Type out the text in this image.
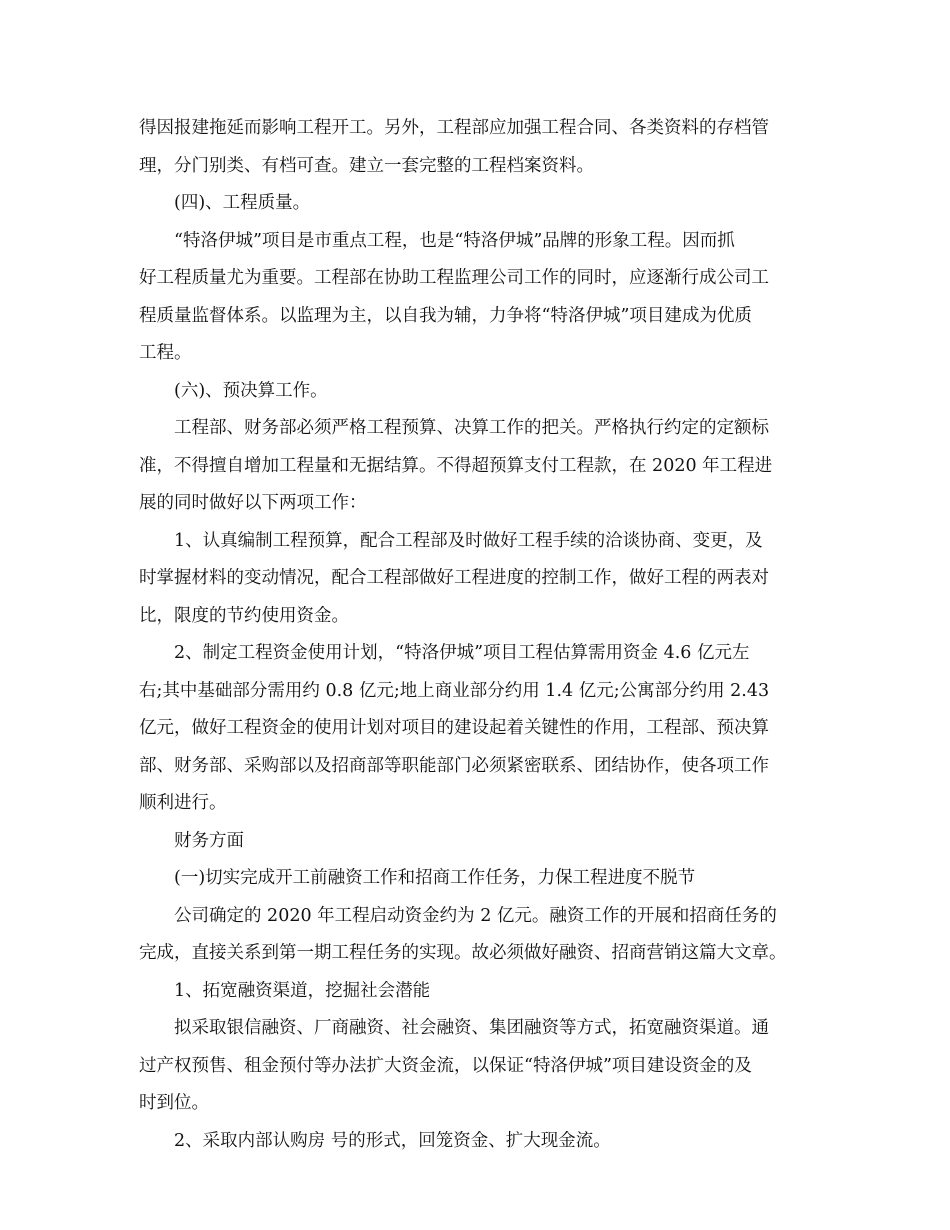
得因报建拖延而影响工程开工。另外，工程部应加强工程合同、各类资料的存档管
理，分门别类、有档可查。建立一套完整的工程档案资料。
(四)、工程质量。
“特洛伊城”项目是市重点工程，也是“特洛伊城”品牌的形象工程。因而抓
好工程质量尤为重要。工程部在协助工程监理公司工作的同时，应逐渐行成公司工
程质量监督体系。以监理为主，以自我为辅，力争将“特洛伊城”项目建成为优质
工程。
(六)、预决算工作。
工程部、财务部必须严格工程预算、决算工作的把关。严格执行约定的定额标
准，不得擅自增加工程量和无据结算。不得超预算支付工程款，在 2020 年工程进
展的同时做好以下两项工作：
1、认真编制工程预算，配合工程部及时做好工程手续的洽谈协商、变更，及
时掌握材料的变动情况，配合工程部做好工程进度的控制工作，做好工程的两表对
比，限度的节约使用资金。
2、制定工程资金使用计划，“特洛伊城”项目工程估算需用资金 4.6 亿元左
右;其中基础部分需用约 0.8 亿元;地上商业部分约用 1.4 亿元;公寓部分约用 2.43
亿元，做好工程资金的使用计划对项目的建设起着关键性的作用，工程部、预决算
部、财务部、采购部以及招商部等职能部门必须紧密联系、团结协作，使各项工作
顺利进行。
财务方面
(一)切实完成开工前融资工作和招商工作任务，力保工程进度不脱节
公司确定的 2020 年工程启动资金约为 2 亿元。融资工作的开展和招商任务的
完成，直接关系到第一期工程任务的实现。故必须做好融资、招商营销这篇大文章。
1、拓宽融资渠道，挖掘社会潜能
拟采取银信融资、厂商融资、社会融资、集团融资等方式，拓宽融资渠道。通
过产权预售、租金预付等办法扩大资金流，以保证“特洛伊城”项目建设资金的及
时到位。
2、采取内部认购房 号的形式，回笼资金、扩大现金流。
